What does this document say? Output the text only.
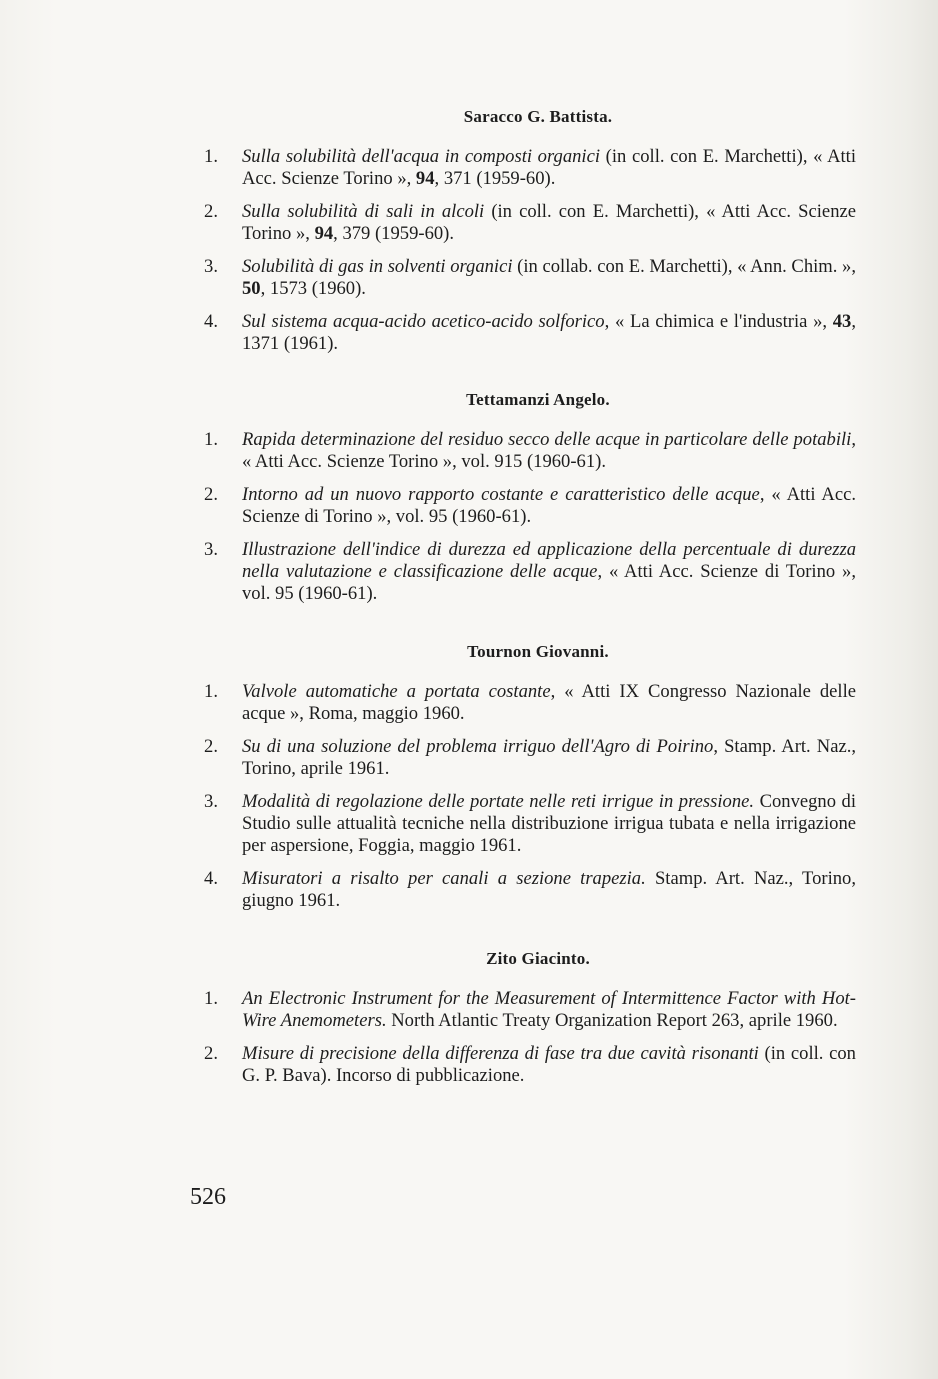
Saracco G. Battista.
1. Sulla solubilità dell'acqua in composti organici (in coll. con E. Marchetti), « Atti Acc. Scienze Torino », 94, 371 (1959-60).
2. Sulla solubilità di sali in alcoli (in coll. con E. Marchetti), « Atti Acc. Scienze Torino », 94, 379 (1959-60).
3. Solubilità di gas in solventi organici (in collab. con E. Marchetti), « Ann. Chim. », 50, 1573 (1960).
4. Sul sistema acqua-acido acetico-acido solforico, « La chimica e l'industria », 43, 1371 (1961).
Tettamanzi Angelo.
1. Rapida determinazione del residuo secco delle acque in particolare delle potabili, « Atti Acc. Scienze Torino », vol. 915 (1960-61).
2. Intorno ad un nuovo rapporto costante e caratteristico delle acque, « Atti Acc. Scienze di Torino », vol. 95 (1960-61).
3. Illustrazione dell'indice di durezza ed applicazione della percentuale di durezza nella valutazione e classificazione delle acque, « Atti Acc. Scienze di Torino », vol. 95 (1960-61).
Tournon Giovanni.
1. Valvole automatiche a portata costante, « Atti IX Congresso Nazionale delle acque », Roma, maggio 1960.
2. Su di una soluzione del problema irriguo dell'Agro di Poirino, Stamp. Art. Naz., Torino, aprile 1961.
3. Modalità di regolazione delle portate nelle reti irrigue in pressione. Convegno di Studio sulle attualità tecniche nella distribuzione irrigua tubata e nella irrigazione per aspersione, Foggia, maggio 1961.
4. Misuratori a risalto per canali a sezione trapezia. Stamp. Art. Naz., Torino, giugno 1961.
Zito Giacinto.
1. An Electronic Instrument for the Measurement of Intermittence Factor with Hot-Wire Anemometers. North Atlantic Treaty Organization Report 263, aprile 1960.
2. Misure di precisione della differenza di fase tra due cavità risonanti (in coll. con G. P. Bava). Incorso di pubblicazione.
526
